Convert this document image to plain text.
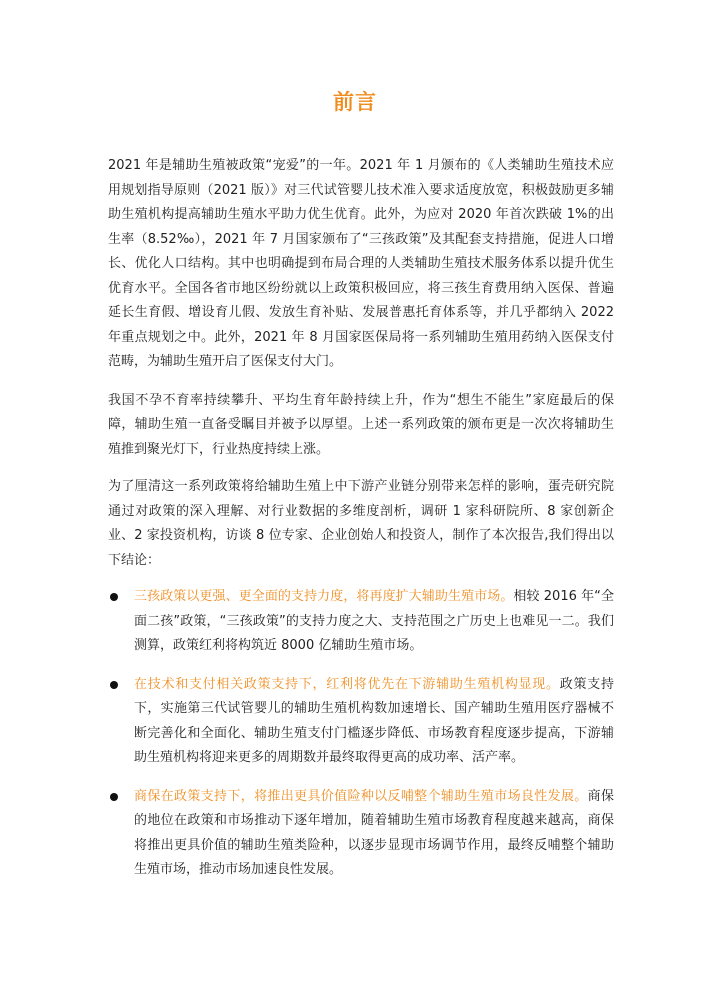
前言

2021 年是辅助生殖被政策“宠爱”的一年。2021 年 1 月颁布的《人类辅助生殖技术应用规划指导原则（2021 版）》对三代试管婴儿技术准入要求适度放宽，积极鼓励更多辅助生殖机构提高辅助生殖水平助力优生优育。此外，为应对 2020 年首次跌破 1%的出生率（8.52‰），2021 年 7 月国家颁布了“三孩政策”及其配套支持措施，促进人口增长、优化人口结构。其中也明确提到布局合理的人类辅助生殖技术服务体系以提升优生优育水平。全国各省市地区纷纷就以上政策积极回应，将三孩生育费用纳入医保、普遍延长生育假、增设育儿假、发放生育补贴、发展普惠托育体系等，并几乎都纳入 2022 年重点规划之中。此外，2021 年 8 月国家医保局将一系列辅助生殖用药纳入医保支付范畴，为辅助生殖开启了医保支付大门。

我国不孕不育率持续攀升、平均生育年龄持续上升，作为“想生不能生”家庭最后的保障，辅助生殖一直备受瞩目并被予以厚望。上述一系列政策的颁布更是一次次将辅助生殖推到聚光灯下，行业热度持续上涨。

为了厘清这一系列政策将给辅助生殖上中下游产业链分别带来怎样的影响，蛋壳研究院通过对政策的深入理解、对行业数据的多维度剖析，调研 1 家科研院所、8 家创新企业、2 家投资机构，访谈 8 位专家、企业创始人和投资人，制作了本次报告,我们得出以下结论：

三孩政策以更强、更全面的支持力度，将再度扩大辅助生殖市场。相较 2016 年“全面二孩”政策，“三孩政策”的支持力度之大、支持范围之广历史上也难见一二。我们测算，政策红利将构筑近 8000 亿辅助生殖市场。
在技术和支付相关政策支持下，红利将优先在下游辅助生殖机构显现。政策支持下，实施第三代试管婴儿的辅助生殖机构数加速增长、国产辅助生殖用医疗器械不断完善化和全面化、辅助生殖支付门槛逐步降低、市场教育程度逐步提高，下游辅助生殖机构将迎来更多的周期数并最终取得更高的成功率、活产率。
商保在政策支持下，将推出更具价值险种以反哺整个辅助生殖市场良性发展。商保的地位在政策和市场推动下逐年增加，随着辅助生殖市场教育程度越来越高，商保将推出更具价值的辅助生殖类险种，以逐步显现市场调节作用，最终反哺整个辅助生殖市场，推动市场加速良性发展。
